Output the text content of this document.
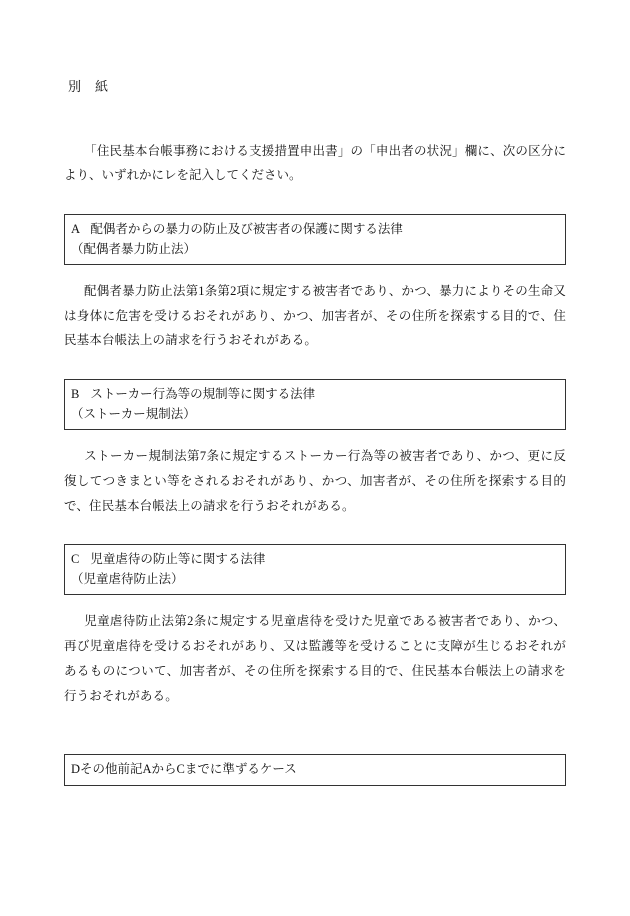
別　紙
「住民基本台帳事務における支援措置申出書」の「申出者の状況」欄に、次の区分により、いずれかにレを記入してください。
A 配偶者からの暴力の防止及び被害者の保護に関する法律
（配偶者暴力防止法）
配偶者暴力防止法第1条第2項に規定する被害者であり、かつ、暴力によりその生命又は身体に危害を受けるおそれがあり、かつ、加害者が、その住所を探索する目的で、住民基本台帳法上の請求を行うおそれがある。
B ストーカー行為等の規制等に関する法律
（ストーカー規制法）
ストーカー規制法第7条に規定するストーカー行為等の被害者であり、かつ、更に反復してつきまとい等をされるおそれがあり、かつ、加害者が、その住所を探索する目的で、住民基本台帳法上の請求を行うおそれがある。
C 児童虐待の防止等に関する法律
（児童虐待防止法）
児童虐待防止法第2条に規定する児童虐待を受けた児童である被害者であり、かつ、再び児童虐待を受けるおそれがあり、又は監護等を受けることに支障が生じるおそれがあるものについて、加害者が、その住所を探索する目的で、住民基本台帳法上の請求を行うおそれがある。
Dその他前記AからCまでに準ずるケース
